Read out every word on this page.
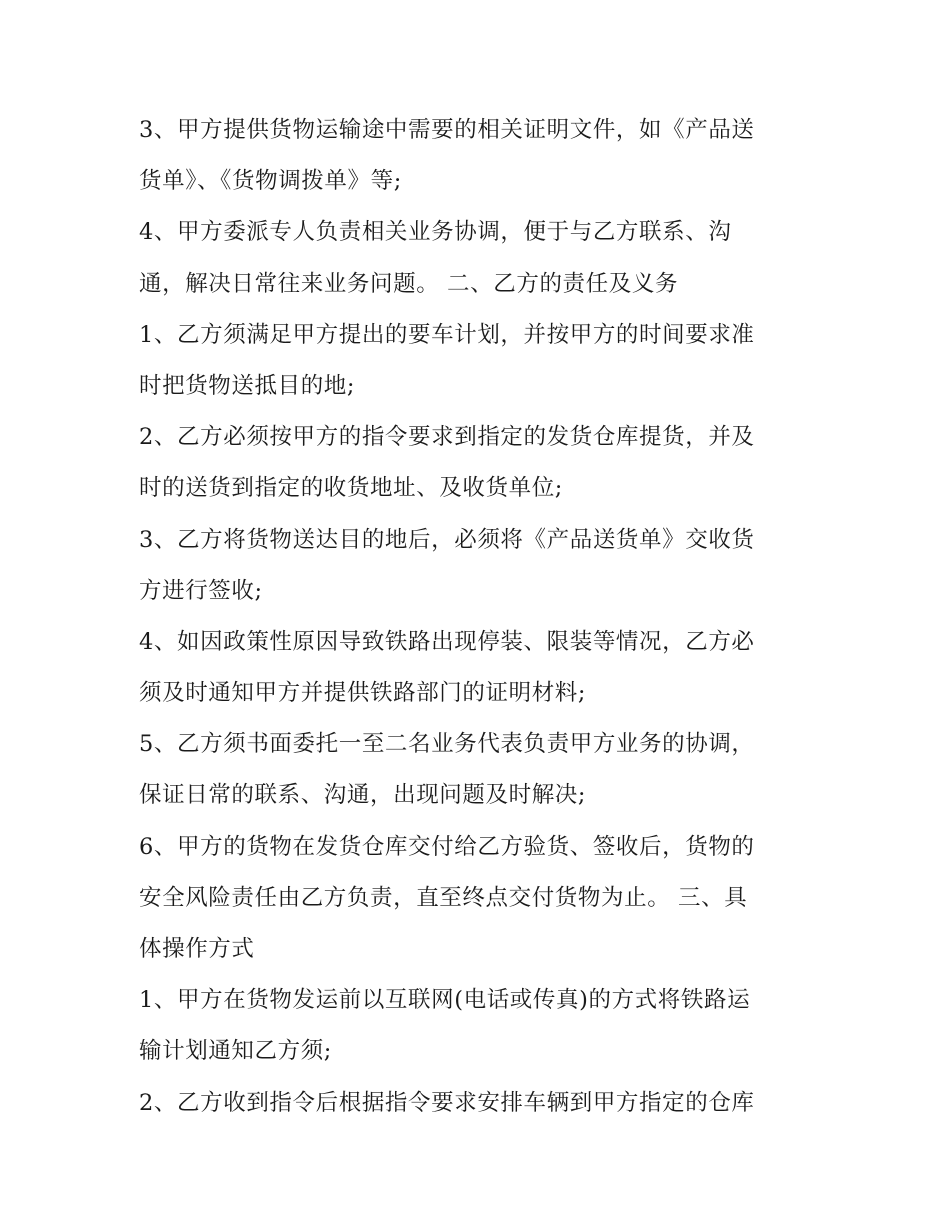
3、甲方提供货物运输途中需要的相关证明文件，如《产品送
货单》、《货物调拨单》等;
4、甲方委派专人负责相关业务协调，便于与乙方联系、沟
通，解决日常往来业务问题。 二、乙方的责任及义务
1、乙方须满足甲方提出的要车计划，并按甲方的时间要求准
时把货物送抵目的地;
2、乙方必须按甲方的指令要求到指定的发货仓库提货，并及
时的送货到指定的收货地址、及收货单位;
3、乙方将货物送达目的地后，必须将《产品送货单》交收货
方进行签收;
4、如因政策性原因导致铁路出现停装、限装等情况，乙方必
须及时通知甲方并提供铁路部门的证明材料;
5、乙方须书面委托一至二名业务代表负责甲方业务的协调，
保证日常的联系、沟通，出现问题及时解决;
6、甲方的货物在发货仓库交付给乙方验货、签收后，货物的
安全风险责任由乙方负责，直至终点交付货物为止。 三、具
体操作方式
1、甲方在货物发运前以互联网(电话或传真)的方式将铁路运
输计划通知乙方须;
2、乙方收到指令后根据指令要求安排车辆到甲方指定的仓库
